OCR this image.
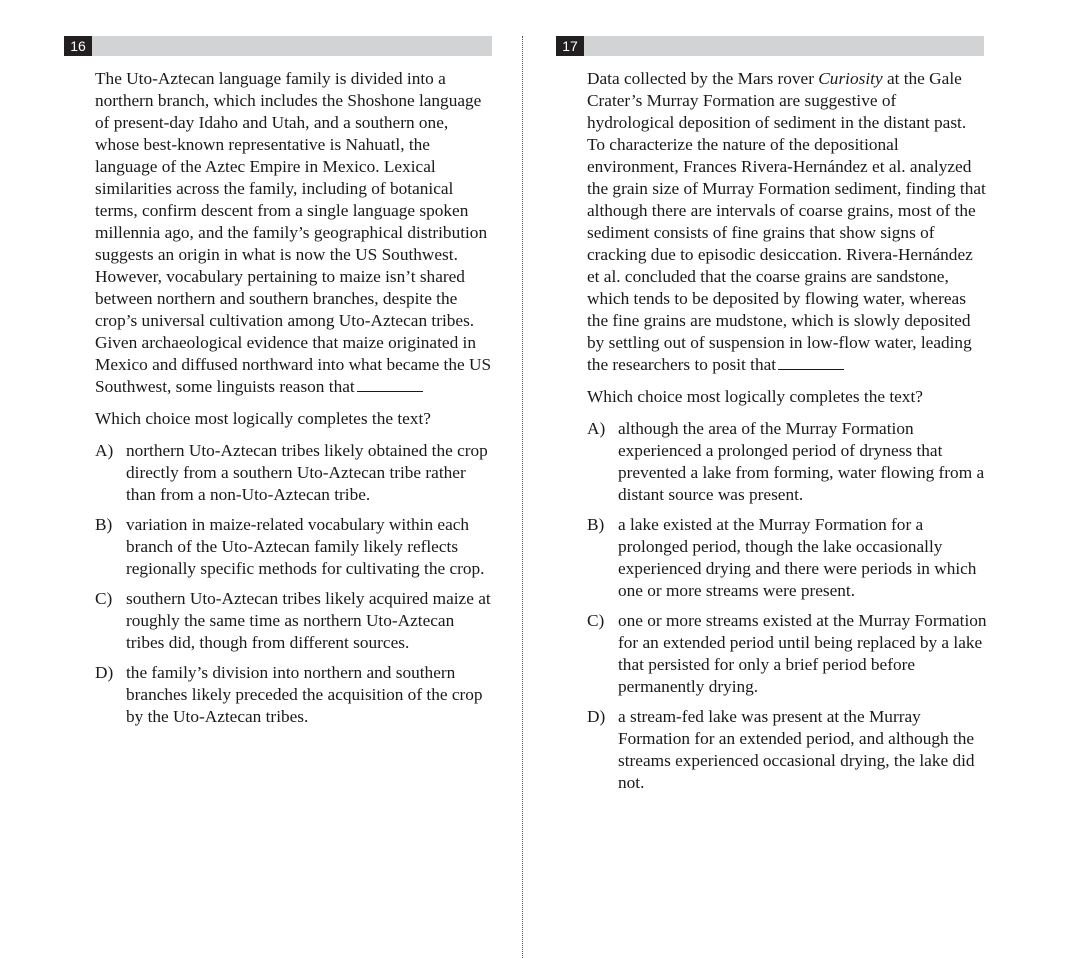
16
The Uto-Aztecan language family is divided into a northern branch, which includes the Shoshone language of present-day Idaho and Utah, and a southern one, whose best-known representative is Nahuatl, the language of the Aztec Empire in Mexico. Lexical similarities across the family, including of botanical terms, confirm descent from a single language spoken millennia ago, and the family’s geographical distribution suggests an origin in what is now the US Southwest. However, vocabulary pertaining to maize isn’t shared between northern and southern branches, despite the crop’s universal cultivation among Uto-Aztecan tribes. Given archaeological evidence that maize originated in Mexico and diffused northward into what became the US Southwest, some linguists reason that
Which choice most logically completes the text?
A) northern Uto-Aztecan tribes likely obtained the crop directly from a southern Uto-Aztecan tribe rather than from a non-Uto-Aztecan tribe.
B) variation in maize-related vocabulary within each branch of the Uto-Aztecan family likely reflects regionally specific methods for cultivating the crop.
C) southern Uto-Aztecan tribes likely acquired maize at roughly the same time as northern Uto-Aztecan tribes did, though from different sources.
D) the family’s division into northern and southern branches likely preceded the acquisition of the crop by the Uto-Aztecan tribes.
17
Data collected by the Mars rover Curiosity at the Gale Crater’s Murray Formation are suggestive of hydrological deposition of sediment in the distant past. To characterize the nature of the depositional environment, Frances Rivera-Hernández et al. analyzed the grain size of Murray Formation sediment, finding that although there are intervals of coarse grains, most of the sediment consists of fine grains that show signs of cracking due to episodic desiccation. Rivera-Hernández et al. concluded that the coarse grains are sandstone, which tends to be deposited by flowing water, whereas the fine grains are mudstone, which is slowly deposited by settling out of suspension in low-flow water, leading the researchers to posit that
Which choice most logically completes the text?
A) although the area of the Murray Formation experienced a prolonged period of dryness that prevented a lake from forming, water flowing from a distant source was present.
B) a lake existed at the Murray Formation for a prolonged period, though the lake occasionally experienced drying and there were periods in which one or more streams were present.
C) one or more streams existed at the Murray Formation for an extended period until being replaced by a lake that persisted for only a brief period before permanently drying.
D) a stream-fed lake was present at the Murray Formation for an extended period, and although the streams experienced occasional drying, the lake did not.
